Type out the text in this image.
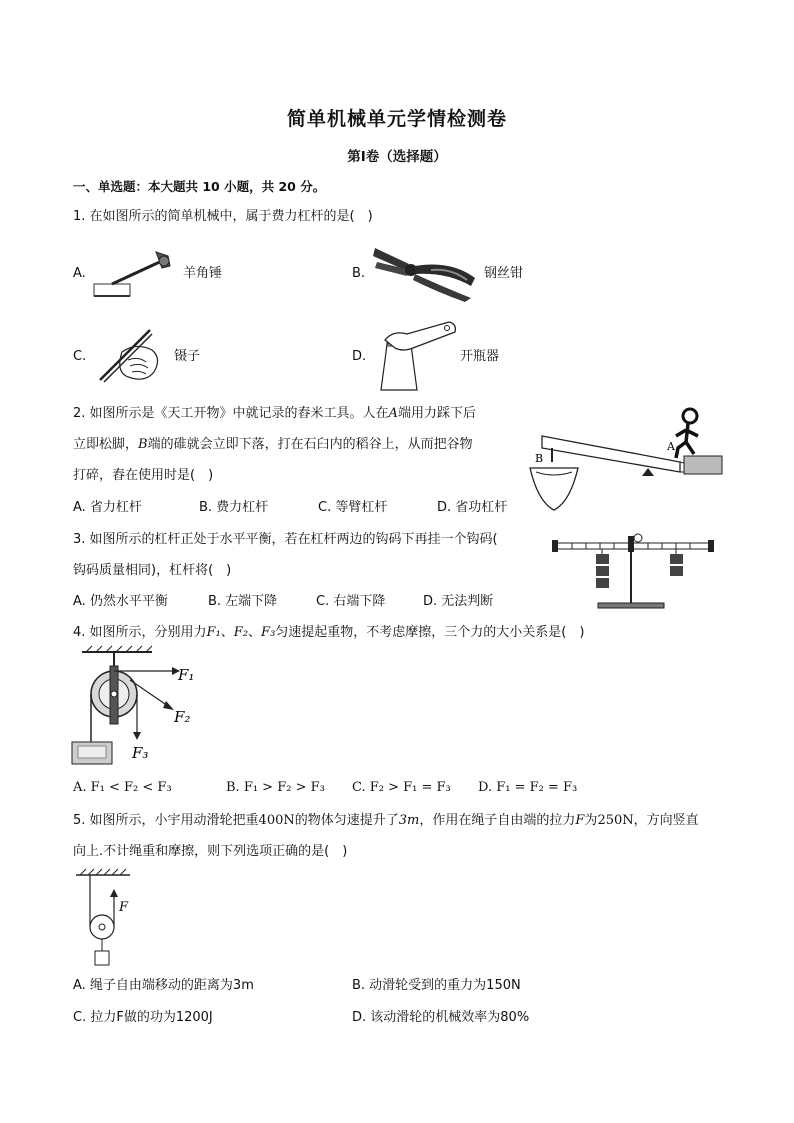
简单机械单元学情检测卷
第Ⅰ卷（选择题）
一、单选题：本大题共 10 小题，共 20 分。
1. 在如图所示的简单机械中，属于费力杠杆的是(　)
A.	羊角锤	B.	钢丝钳
C.	镊子	D.	开瓶器
2. 如图所示是《天工开物》中就记录的舂米工具。人在A端用力踩下后
立即松脚，B端的碓就会立即下落，打在石臼内的稻谷上，从而把谷物
打碎，舂在使用时是(　)
B
A
A. 省力杠杆	B. 费力杠杆	C. 等臂杠杆	D. 省功杠杆
3. 如图所示的杠杆正处于水平平衡，若在杠杆两边的钩码下再挂一个钩码(
钩码质量相同)，杠杆将(　)
A. 仍然水平平衡	B. 左端下降	C. 右端下降	D. 无法判断
4. 如图所示，分别用力F₁、F₂、F₃匀速提起重物，不考虑摩擦，三个力的大小关系是(　)
F₁
F₂
F₃
A. F₁ < F₂ < F₃	B. F₁ > F₂ > F₃ C. F₂ > F₁ = F₃ D. F₁ = F₂ = F₃
5. 如图所示，小宇用动滑轮把重400N的物体匀速提升了3m，作用在绳子自由端的拉力F为250N，方向竖直
向上.不计绳重和摩擦，则下列选项正确的是(　)
F
A. 绳子自由端移动的距离为3m	B. 动滑轮受到的重力为150N
C. 拉力F做的功为1200J	D. 该动滑轮的机械效率为80%
